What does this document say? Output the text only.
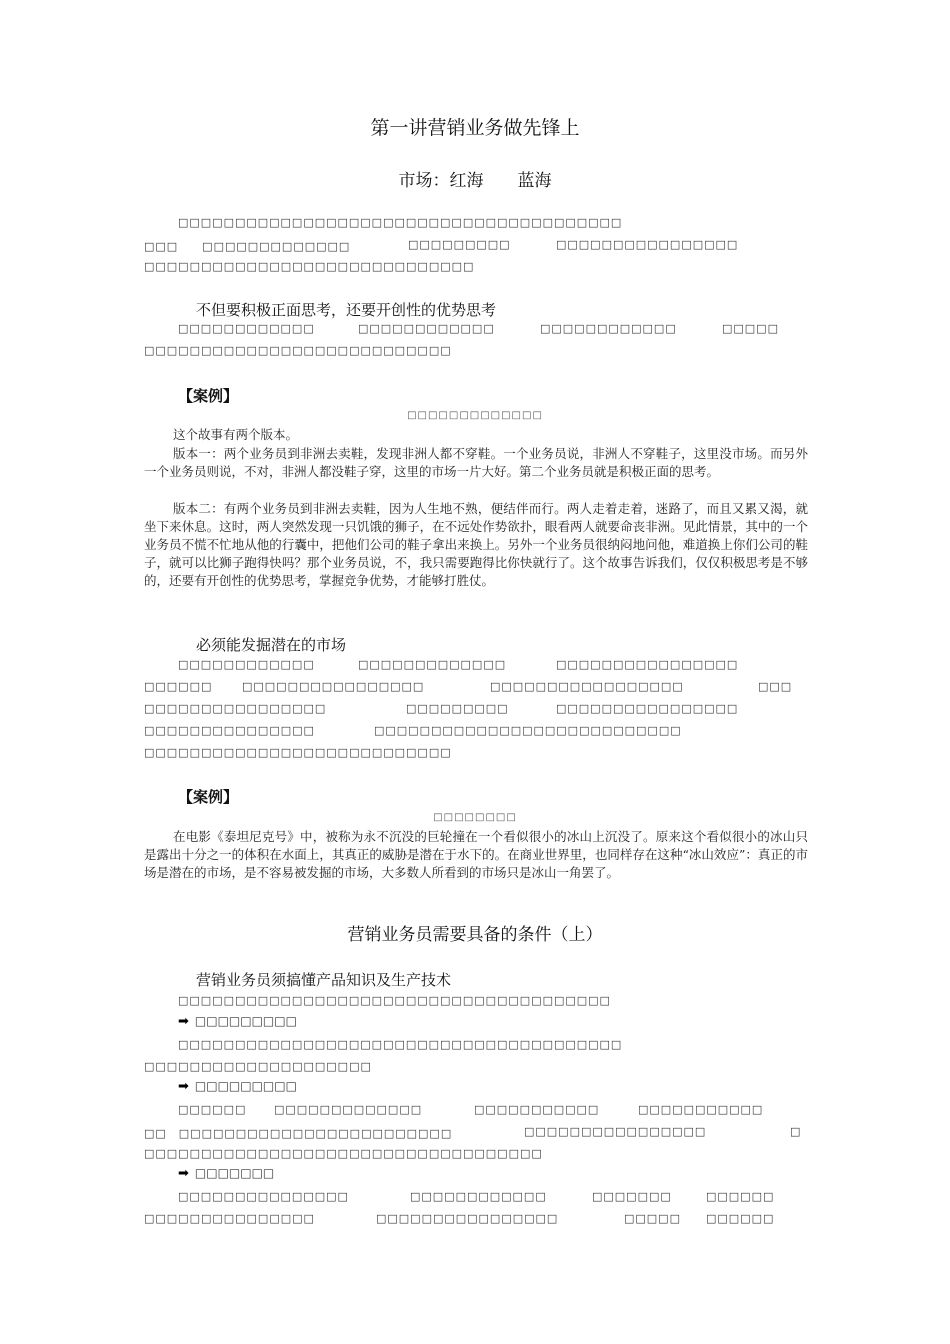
第一讲营销业务做先锋上
市场：红海　　蓝海
□□□□□□□□□□□□□□□□□□□□□□□□□□□□□□□□□□□□□□□
□□□　　□□□□□□□□□□□□□	□□□□□□□□□	□□□□□□□□□□□□□□□□
□□□□□□□□□□□□□□□□□□□□□□□□□□□□□
不但要积极正面思考，还要开创性的优势思考
□□□□□□□□□□□□	□□□□□□□□□□□□	□□□□□□□□□□□□	□□□□□
□□□□□□□□□□□□□□□□□□□□□□□□□□□
【案例】
□□□□□□□□□□□□□

这个故事有两个版本。

版本一：两个业务员到非洲去卖鞋，发现非洲人都不穿鞋。一个业务员说，非洲人不穿鞋子，这里没市场。而另外一个业务员则说，不对，非洲人都没鞋子穿，这里的市场一片大好。第二个业务员就是积极正面的思考。

版本二：有两个业务员到非洲去卖鞋，因为人生地不熟，便结伴而行。两人走着走着，迷路了，而且又累又渴，就坐下来休息。这时，两人突然发现一只饥饿的狮子，在不远处作势欲扑，眼看两人就要命丧非洲。见此情景，其中的一个业务员不慌不忙地从他的行囊中，把他们公司的鞋子拿出来换上。另外一个业务员很纳闷地问他，难道换上你们公司的鞋子，就可以比狮子跑得快吗？那个业务员说，不，我只需要跑得比你快就行了。这个故事告诉我们，仅仅积极思考是不够的，还要有开创性的优势思考，掌握竞争优势，才能够打胜仗。

必须能发掘潜在的市场
□□□□□□□□□□□□	□□□□□□□□□□□□□	□□□□□□□□□□□□□□□□
□□□□□□	□□□□□□□□□□□□□□□□	□□□□□□□□□□□□□□□□□	□□□
□□□□□□□□□□□□□□□□	□□□□□□□□□	□□□□□□□□□□□□□□□□
□□□□□□□□□□□□□□□	□□□□□□□□□□□□□□□□□□□□□□□□□□□
□□□□□□□□□□□□□□□□□□□□□□□□□□□
【案例】
□□□□□□□□

在电影《泰坦尼克号》中，被称为永不沉没的巨轮撞在一个看似很小的冰山上沉没了。原来这个看似很小的冰山只是露出十分之一的体积在水面上，其真正的威胁是潜在于水下的。在商业世界里，也同样存在这种“冰山效应”：真正的市场是潜在的市场，是不容易被发掘的市场，大多数人所看到的市场只是冰山一角罢了。

营销业务员需要具备的条件（上）
营销业务员须搞懂产品知识及生产技术
□□□□□□□□□□□□□□□□□□□□□□□□□□□□□□□□□□□□□□
➡ □□□□□□□□□
□□□□□□□□□□□□□□□□□□□□□□□□□□□□□□□□□□□□□□□
□□□□□□□□□□□□□□□□□□□□
➡ □□□□□□□□□
□□□□□□	□□□□□□□□□□□□□	□□□□□□□□□□□	□□□□□□□□□□□
□□　□□□□□□□□□□□□□□□□□□□□□□□□	□□□□□□□□□□□□□□□□	□
□□□□□□□□□□□□□□□□□□□□□□□□□□□□□□□□□□□
➡ □□□□□□□
□□□□□□□□□□□□□□□	□□□□□□□□□□□□	□□□□□□□	□□□□□□
□□□□□□□□□□□□□□□	□□□□□□□□□□□□□□□□	□□□□□ □□□□□□
